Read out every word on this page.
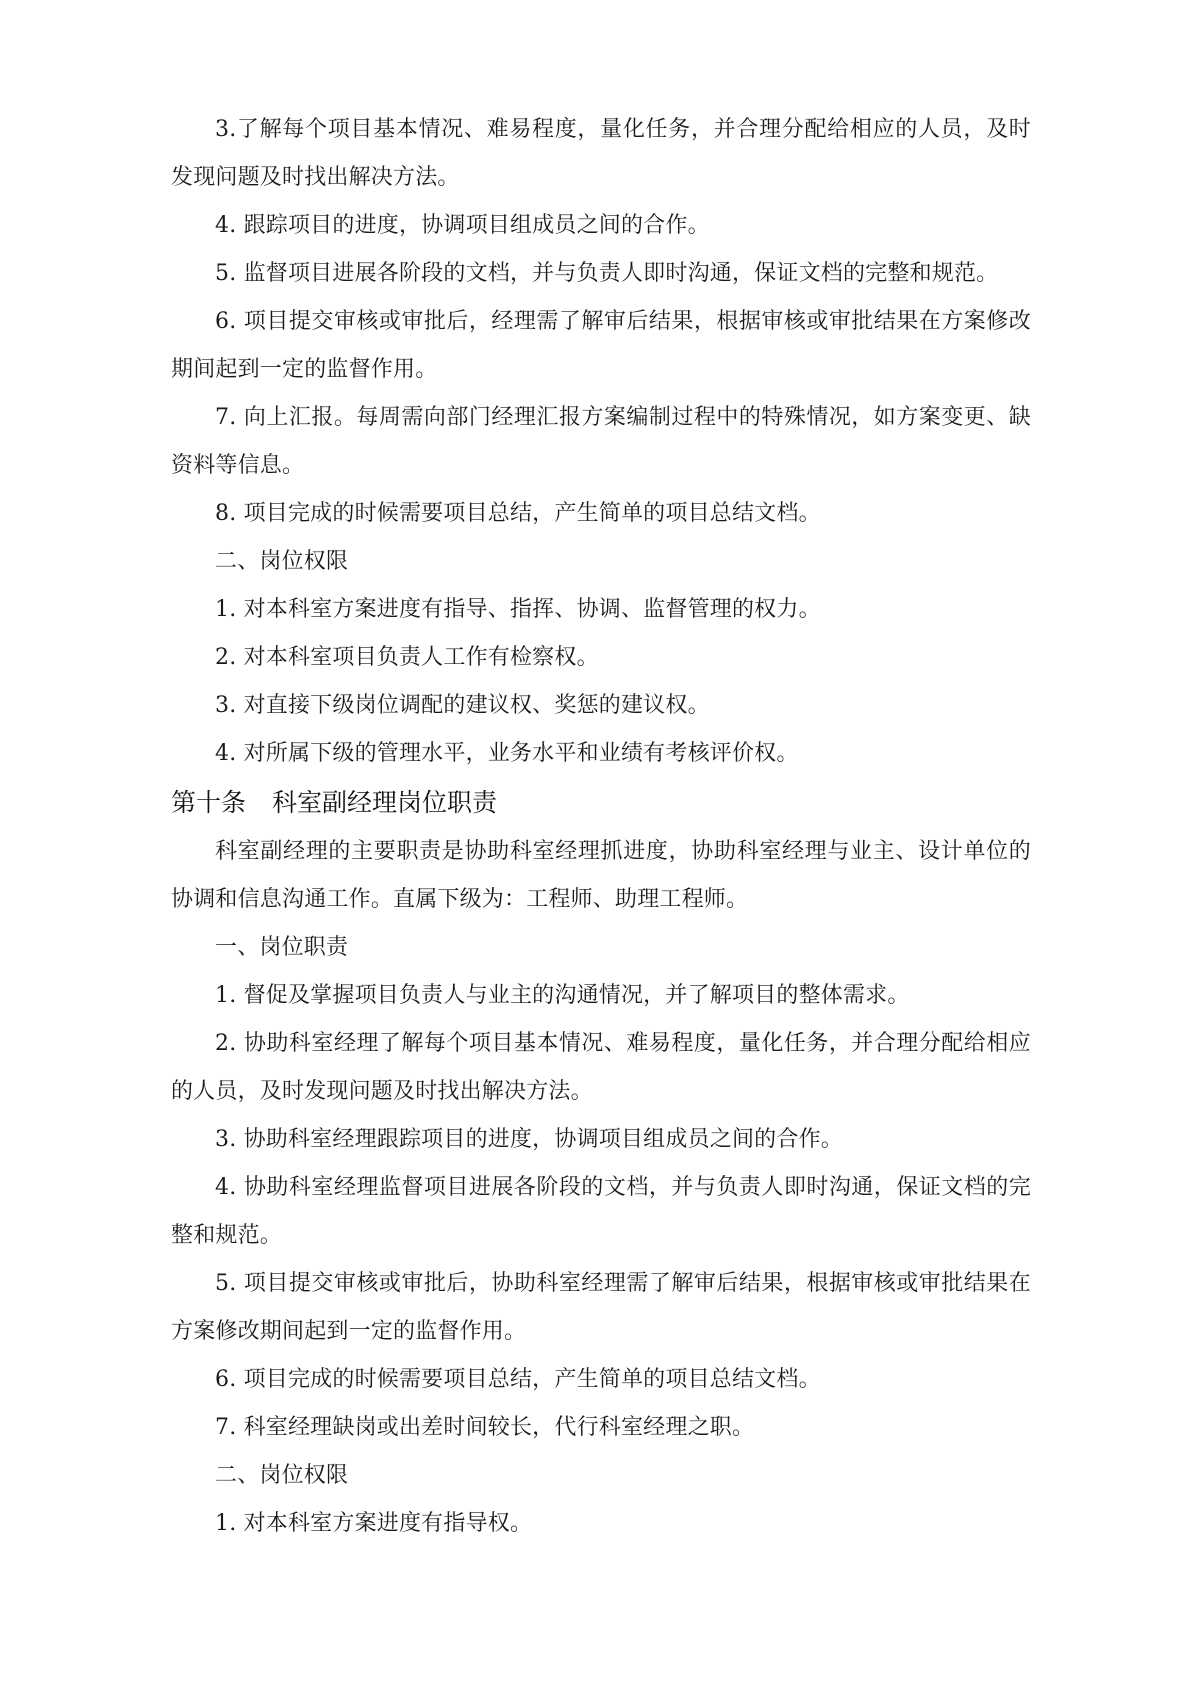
3.了解每个项目基本情况、难易程度，量化任务，并合理分配给相应的人员，及时发现问题及时找出解决方法。

4. 跟踪项目的进度，协调项目组成员之间的合作。

5. 监督项目进展各阶段的文档，并与负责人即时沟通，保证文档的完整和规范。

6. 项目提交审核或审批后，经理需了解审后结果，根据审核或审批结果在方案修改期间起到一定的监督作用。

7. 向上汇报。每周需向部门经理汇报方案编制过程中的特殊情况，如方案变更、缺资料等信息。

8. 项目完成的时候需要项目总结，产生简单的项目总结文档。

二、岗位权限

1. 对本科室方案进度有指导、指挥、协调、监督管理的权力。

2. 对本科室项目负责人工作有检察权。

3. 对直接下级岗位调配的建议权、奖惩的建议权。

4. 对所属下级的管理水平，业务水平和业绩有考核评价权。

第十条 科室副经理岗位职责

科室副经理的主要职责是协助科室经理抓进度，协助科室经理与业主、设计单位的协调和信息沟通工作。直属下级为：工程师、助理工程师。

一、岗位职责

1. 督促及掌握项目负责人与业主的沟通情况，并了解项目的整体需求。

2. 协助科室经理了解每个项目基本情况、难易程度，量化任务，并合理分配给相应的人员，及时发现问题及时找出解决方法。

3. 协助科室经理跟踪项目的进度，协调项目组成员之间的合作。

4. 协助科室经理监督项目进展各阶段的文档，并与负责人即时沟通，保证文档的完整和规范。

5. 项目提交审核或审批后，协助科室经理需了解审后结果，根据审核或审批结果在方案修改期间起到一定的监督作用。

6. 项目完成的时候需要项目总结，产生简单的项目总结文档。

7. 科室经理缺岗或出差时间较长，代行科室经理之职。

二、岗位权限

1. 对本科室方案进度有指导权。
